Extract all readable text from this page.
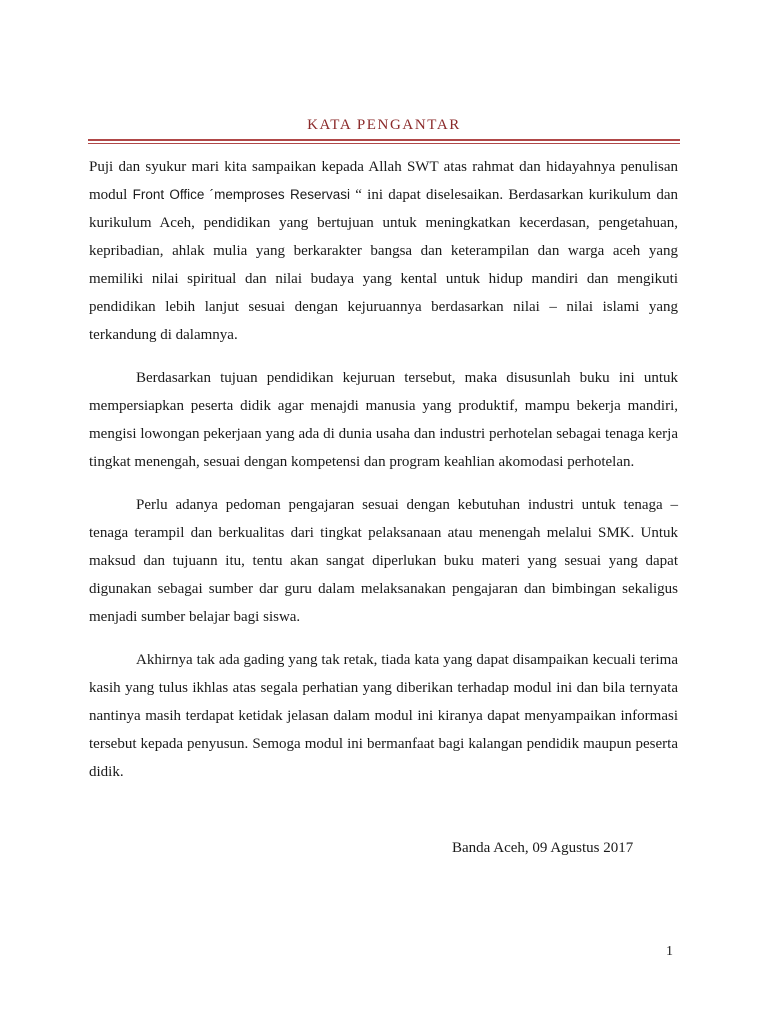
KATA PENGANTAR

Puji dan syukur mari kita sampaikan kepada Allah SWT atas rahmat dan hidayahnya penulisan modul Front Office ´memproses Reservasi “ ini dapat diselesaikan. Berdasarkan kurikulum dan kurikulum Aceh, pendidikan yang bertujuan untuk meningkatkan kecerdasan, pengetahuan, kepribadian, ahlak mulia yang berkarakter bangsa dan keterampilan dan warga aceh yang memiliki nilai spiritual dan nilai budaya yang kental untuk hidup mandiri dan mengikuti pendidikan lebih lanjut sesuai dengan kejuruannya berdasarkan nilai – nilai islami yang terkandung di dalamnya.

Berdasarkan tujuan pendidikan kejuruan tersebut, maka disusunlah buku ini untuk mempersiapkan peserta didik agar menajdi manusia yang produktif, mampu bekerja mandiri, mengisi lowongan pekerjaan yang ada di dunia usaha dan industri perhotelan sebagai tenaga kerja tingkat menengah, sesuai dengan kompetensi dan program keahlian akomodasi perhotelan.

Perlu adanya pedoman pengajaran sesuai dengan kebutuhan industri untuk tenaga – tenaga terampil dan berkualitas dari tingkat pelaksanaan atau menengah melalui SMK. Untuk maksud dan tujuann itu, tentu akan sangat diperlukan buku materi yang sesuai yang dapat digunakan sebagai sumber dar guru dalam melaksanakan pengajaran dan bimbingan sekaligus menjadi sumber belajar bagi siswa.

Akhirnya tak ada gading yang tak retak, tiada kata yang dapat disampaikan kecuali terima kasih yang tulus ikhlas atas segala perhatian yang diberikan terhadap modul ini dan bila ternyata nantinya masih terdapat ketidak jelasan dalam modul ini kiranya dapat menyampaikan informasi tersebut kepada penyusun. Semoga modul ini bermanfaat bagi kalangan pendidik maupun peserta didik.

Banda Aceh, 09 Agustus 2017
1
